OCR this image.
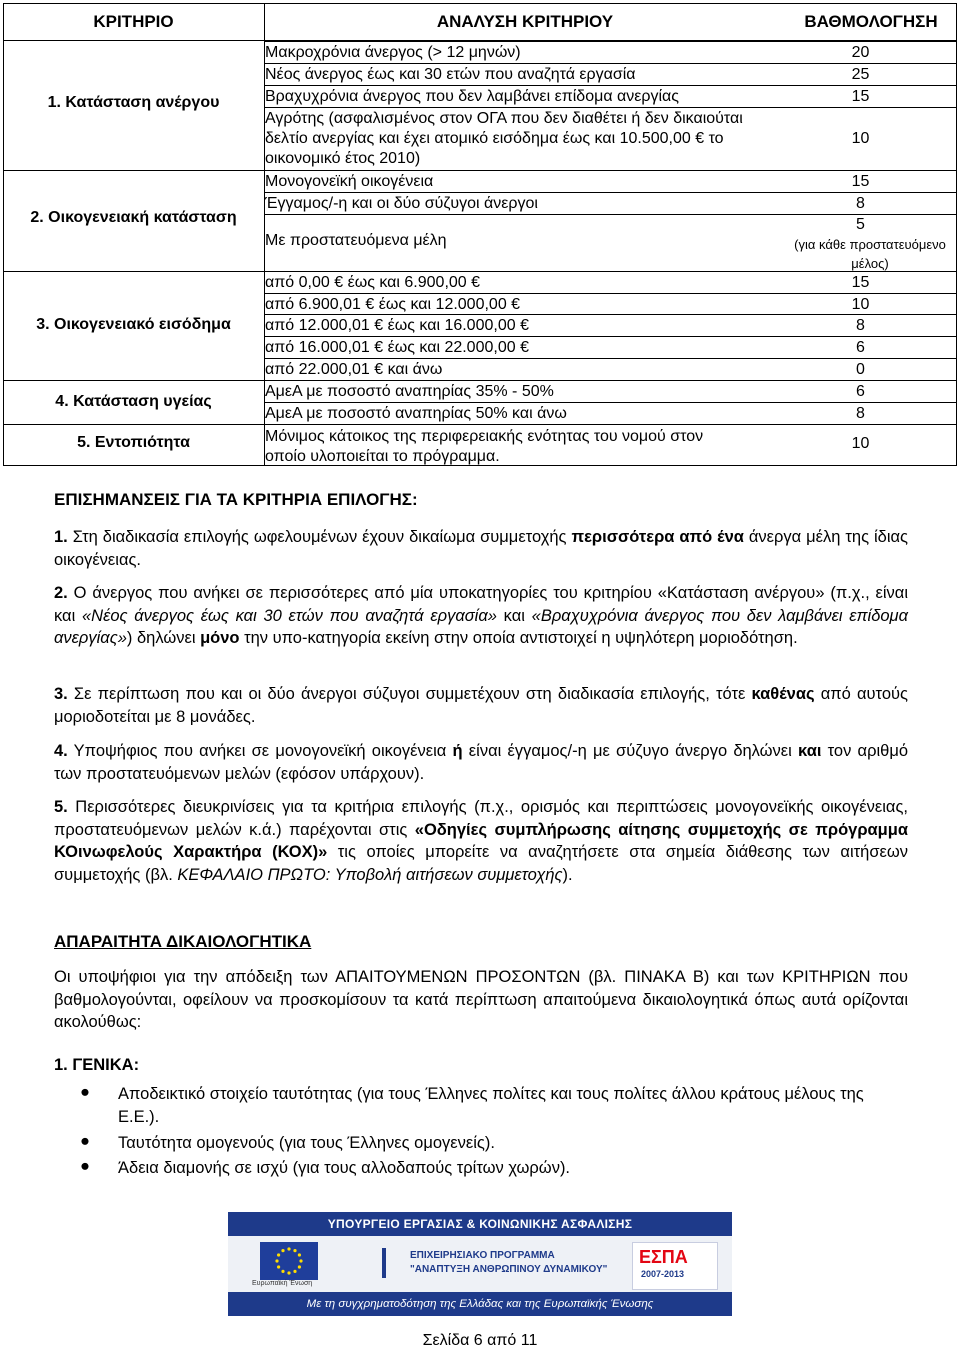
ΚΡΙΤΗΡΙΟ	ΑΝΑΛΥΣΗ ΚΡΙΤΗΡΙΟΥ	ΒΑΘΜΟΛΟΓΗΣΗ
1. Κατάσταση ανέργου
2. Οικογενειακή κατάσταση
3. Οικογενειακό εισόδημα
4. Κατάσταση υγείας
5. Εντοπιότητα
Μακροχρόνια άνεργος (> 12 μηνών)
Νέος άνεργος έως και 30 ετών που αναζητά εργασία
Βραχυχρόνια άνεργος που δεν λαμβάνει επίδομα ανεργίας
Αγρότης (ασφαλισμένος στον ΟΓΑ που δεν διαθέτει ή δεν δικαιούται δελτίο ανεργίας και έχει ατομικό εισόδημα έως και 10.500,00 € το οικονομικό έτος 2010)
Μονογονεϊκή οικογένεια
Έγγαμος/-η και οι δύο σύζυγοι άνεργοι
Με προστατευόμενα μέλη
από 0,00 € έως και 6.900,00 €
από 6.900,01 € έως και 12.000,00 €
από 12.000,01 € έως και 16.000,00 €
από 16.000,01 € έως και 22.000,00 €
από 22.000,01 € και άνω
ΑμεΑ με ποσοστό αναπηρίας 35% - 50%
ΑμεΑ με ποσοστό αναπηρίας 50% και άνω
Μόνιμος κάτοικος της περιφερειακής ενότητας του νομού στον οποίο υλοποιείται το πρόγραμμα.
20
25
15
10
15
8
5
(για κάθε προστατευόμενο μέλος)
15
10
8
6
0
6
8
10
ΕΠΙΣΗΜΑΝΣΕΙΣ ΓΙΑ ΤΑ ΚΡΙΤΗΡΙΑ ΕΠΙΛΟΓΗΣ:
1. Στη διαδικασία επιλογής ωφελουμένων έχουν δικαίωμα συμμετοχής περισσότερα από ένα άνεργα μέλη της ίδιας οικογένειας.
2. Ο άνεργος που ανήκει σε περισσότερες από μία υποκατηγορίες του κριτηρίου «Κατάσταση ανέργου» (π.χ., είναι και «Νέος άνεργος έως και 30 ετών που αναζητά εργασία» και «Βραχυχρόνια άνεργος που δεν λαμβάνει επίδομα ανεργίας») δηλώνει μόνο την υπο-κατηγορία εκείνη στην οποία αντιστοιχεί η υψηλότερη μοριοδότηση.
3. Σε περίπτωση που και οι δύο άνεργοι σύζυγοι συμμετέχουν στη διαδικασία επιλογής, τότε καθένας από αυτούς μοριοδοτείται με 8 μονάδες.
4. Υποψήφιος που ανήκει σε μονογονεϊκή οικογένεια ή είναι έγγαμος/-η με σύζυγο άνεργο δηλώνει και τον αριθμό των προστατευόμενων μελών (εφόσον υπάρχουν).
5. Περισσότερες διευκρινίσεις για τα κριτήρια επιλογής (π.χ., ορισμός και περιπτώσεις μονογονεϊκής οικογένειας, προστατευόμενων μελών κ.ά.) παρέχονται στις «Οδηγίες συμπλήρωσης αίτησης συμμετοχής σε πρόγραμμα ΚΟινωφελούς Χαρακτήρα (ΚΟΧ)» τις οποίες μπορείτε να αναζητήσετε στα σημεία διάθεσης των αιτήσεων συμμετοχής (βλ. ΚΕΦΑΛΑΙΟ ΠΡΩΤΟ: Υποβολή αιτήσεων συμμετοχής).
ΑΠΑΡΑΙΤΗΤΑ ΔΙΚΑΙΟΛΟΓΗΤΙΚΑ
Οι υποψήφιοι για την απόδειξη των ΑΠΑΙΤΟΥΜΕΝΩΝ ΠΡΟΣΟΝΤΩΝ (βλ. ΠΙΝΑΚΑ Β) και των ΚΡΙΤΗΡΙΩΝ που βαθμολογούνται, οφείλουν να προσκομίσουν τα κατά περίπτωση απαιτούμενα δικαιολογητικά όπως αυτά ορίζονται ακολούθως:
1. ΓΕΝΙΚΑ:
● Αποδεικτικό στοιχείο ταυτότητας (για τους Έλληνες πολίτες και τους πολίτες άλλου κράτους μέλους της Ε.Ε.).
● Ταυτότητα ομογενούς (για τους Έλληνες ομογενείς).
● Άδεια διαμονής σε ισχύ (για τους αλλοδαπούς τρίτων χωρών).
ΥΠΟΥΡΓΕΙΟ ΕΡΓΑΣΙΑΣ & ΚΟΙΝΩΝΙΚΗΣ ΑΣΦΑΛΙΣΗΣ
Ευρωπαϊκή Ένωση
ΕΠΙΧΕΙΡΗΣΙΑΚΟ ΠΡΟΓΡΑΜΜΑ
"ΑΝΑΠΤΥΞΗ ΑΝΘΡΩΠΙΝΟΥ ΔΥΝΑΜΙΚΟΥ"
ΕΣΠΑ
2007-2013
Με τη συγχρηματοδότηση της Ελλάδας και της Ευρωπαϊκής Ένωσης
Σελίδα 6 από 11
